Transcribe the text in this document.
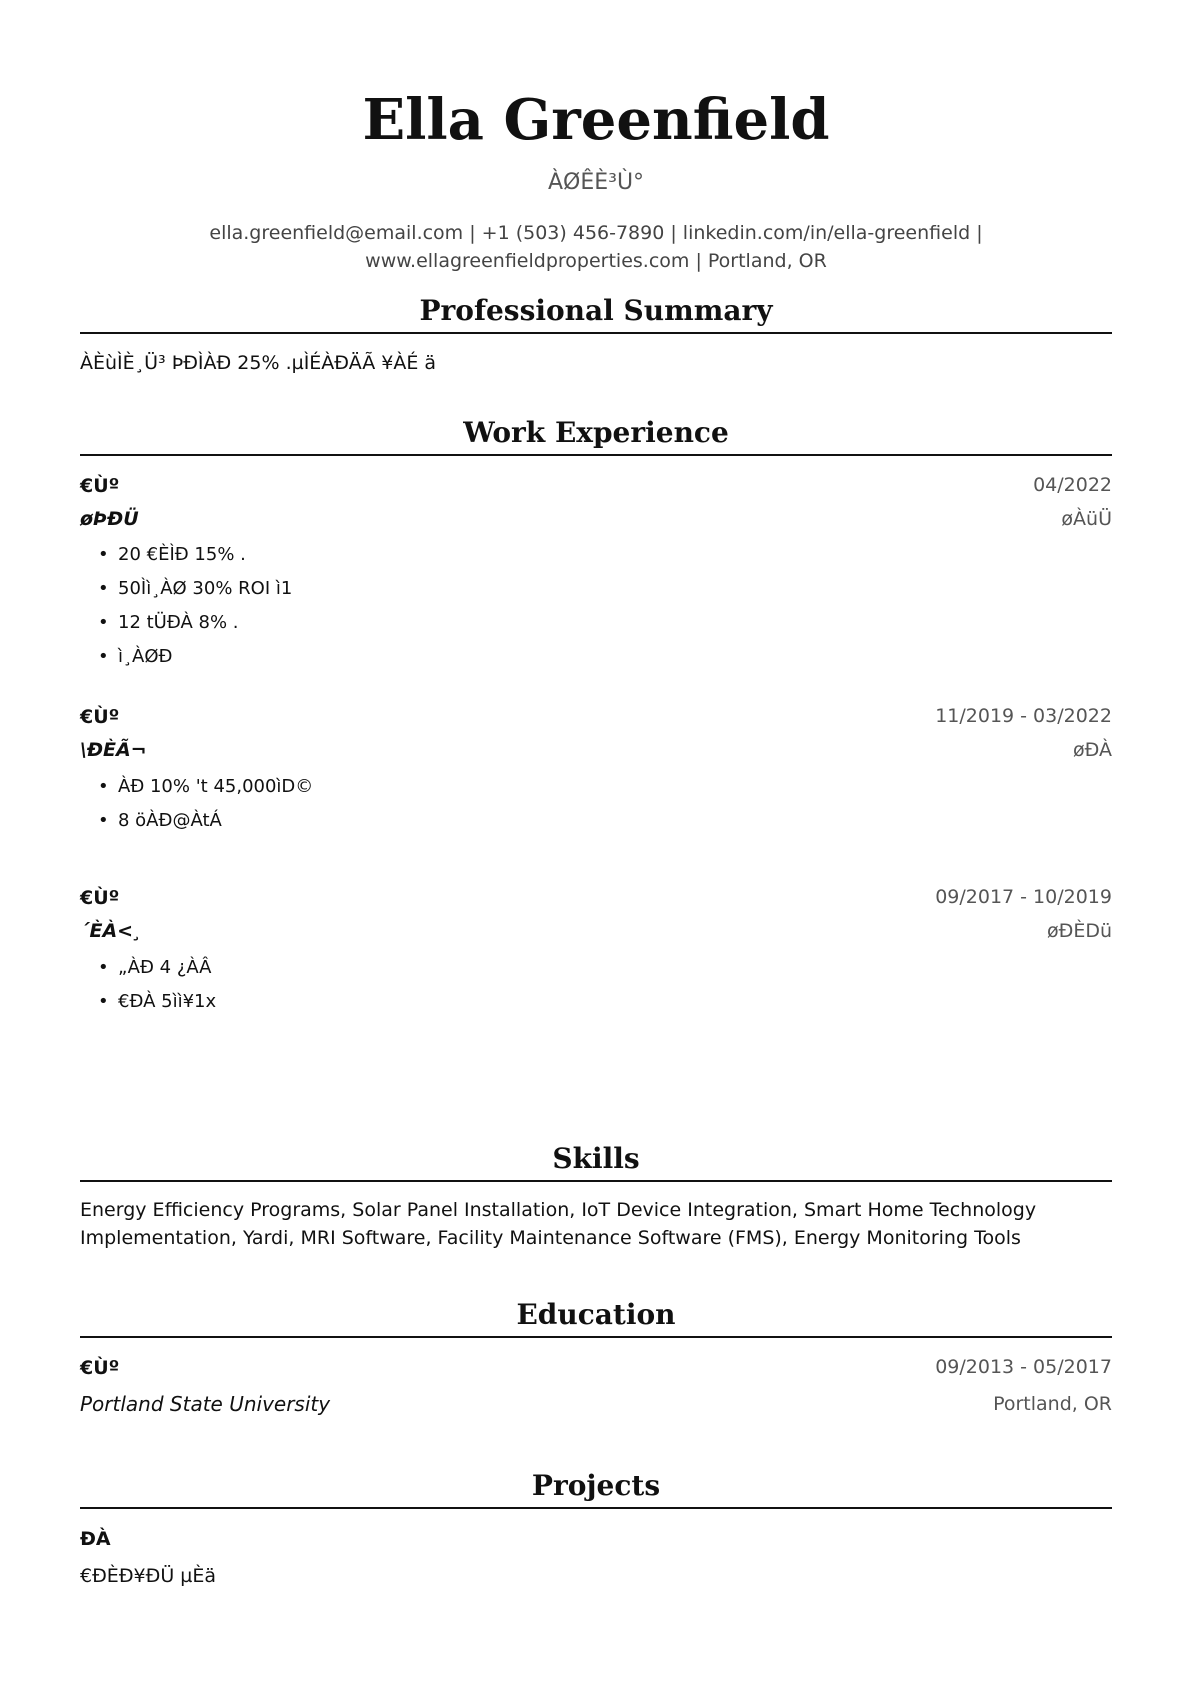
Ella Greenfield
ÀØÊÈ³Ù°
ella.greenfield@email.com | +1 (503) 456-7890 | linkedin.com/in/ella-greenfield |
www.ellagreenfieldproperties.com | Portland, OR
Professional Summary
ÀÈùÌÈ¸Ü³ ÞÐÌÀÐ 25% .µÌÉÀÐÄÃ ¥ÀÉ ä
Work Experience
€Ùº	04/2022
øÞÐÜ	øÀüÜ
• 20 €ÈÌÐ 15% .
• 50Ìì¸ÀØ 30% ROI ì1
• 12 tÜÐÀ 8% .
• ì¸ÀØÐ
€Ùº	11/2019 - 03/2022
\ÐÈÃ¬	øÐÀ
• ÀÐ 10% 't 45,000ìD©
• 8 öÀÐ@ÀtÁ
€Ùº	09/2017 - 10/2019
´ÈÀ<¸	øÐÈDü
• „ÀÐ 4 ¿ÀÂ
• €ÐÀ 5ìì¥1x
Skills
Energy Efficiency Programs, Solar Panel Installation, IoT Device Integration, Smart Home Technology
Implementation, Yardi, MRI Software, Facility Maintenance Software (FMS), Energy Monitoring Tools
Education
€Ùº	09/2013 - 05/2017
Portland State University	Portland, OR
Projects
ÐÀ
€ÐÈÐ¥ÐÜ µÈä
